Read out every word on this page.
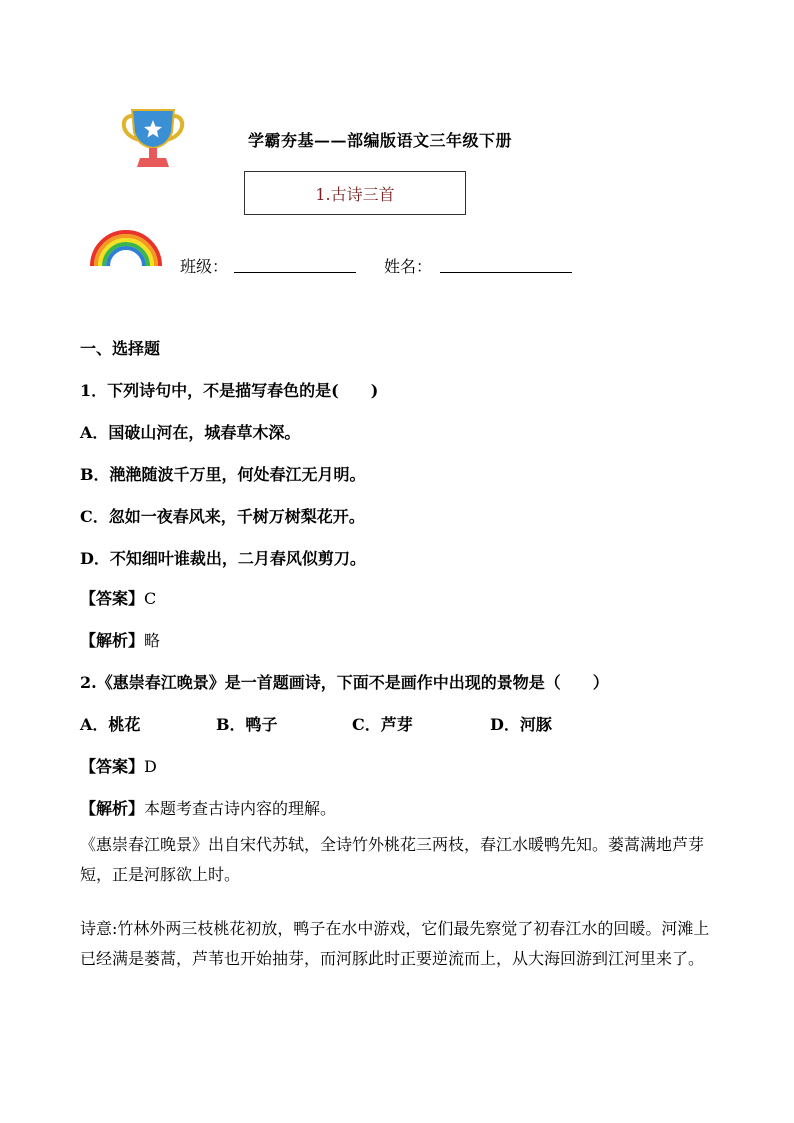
学霸夯基——部编版语文三年级下册
1.古诗三首
班级：	姓名：
一、选择题
1．下列诗句中，不是描写春色的是(　　)
A．国破山河在，城春草木深。
B．滟滟随波千万里，何处春江无月明。
C．忽如一夜春风来，千树万树梨花开。
D．不知细叶谁裁出，二月春风似剪刀。
【答案】C
【解析】略
2.《惠崇春江晚景》是一首题画诗，下面不是画作中出现的景物是（　　）
A．桃花	B．鸭子	C．芦芽	D．河豚
【答案】D
【解析】本题考查古诗内容的理解。
《惠崇春江晚景》出自宋代苏轼，全诗竹外桃花三两枝，春江水暖鸭先知。蒌蒿满地芦芽短，正是河豚欲上时。
诗意:竹林外两三枝桃花初放，鸭子在水中游戏，它们最先察觉了初春江水的回暖。河滩上已经满是蒌蒿，芦苇也开始抽芽，而河豚此时正要逆流而上，从大海回游到江河里来了。
